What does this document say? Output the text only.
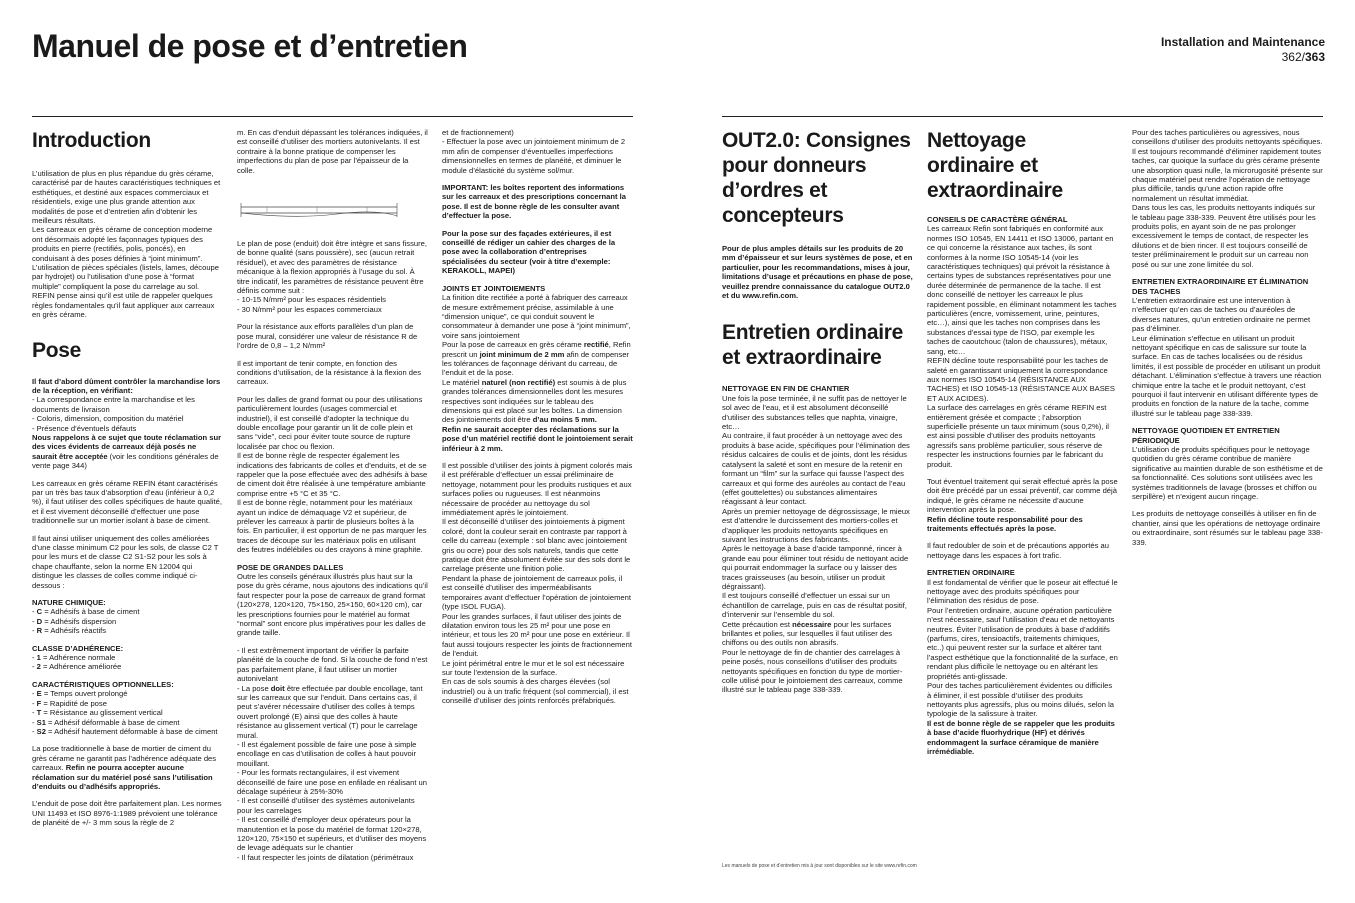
Manuel de pose et d’entretien	Installation and Maintenance
362/363
Introduction

L’utilisation de plus en plus répandue du grès cérame, caractérisé par de hautes caractéristiques techniques et esthétiques, et destiné aux espaces commerciaux et résidentiels, exige une plus grande attention aux modalités de pose et d’entretien afin d’obtenir les meilleurs résultats.
Les carreaux en grès cérame de conception moderne ont désormais adopté les façonnages typiques des produits en pierre (rectifiés, polis, poncés), en conduisant à des poses définies à “joint minimum”. L’utilisation de pièces spéciales (listels, lames, découpe par hydrojet) ou l’utilisation d’une pose à “format multiple” compliquent la pose du carrelage au sol. REFIN pense ainsi qu’il est utile de rappeler quelques règles fondamentales qu’il faut appliquer aux carreaux en grès cérame.

Pose

Il faut d’abord dûment contrôler la marchandise lors de la réception, en vérifiant:
- La correspondance entre la marchandise et les documents de livraison
- Coloris, dimension, composition du matériel
- Présence d’éventuels défauts
Nous rappelons à ce sujet que toute réclamation sur des vices évidents de carreaux déjà posés ne saurait être acceptée (voir les conditions générales de vente page 344)

Les carreaux en grès cérame REFIN étant caractérisés par un très bas taux d’absorption d’eau (inférieur à 0,2 %), il faut utiliser des colles spécifiques de haute qualité, et il est vivement déconseillé d’effectuer une pose traditionnelle sur un mortier isolant à base de ciment.

Il faut ainsi utiliser uniquement des colles améliorées d’une classe minimum C2 pour les sols, de classe C2 T pour les murs et de classe C2 S1-S2 pour les sols à chape chauffante, selon la norme EN 12004 qui distingue les classes de colles comme indiqué ci-dessous :

NATURE CHIMIQUE:
- C = Adhésifs à base de ciment
- D = Adhésifs dispersion
- R = Adhésifs réactifs
CLASSE D’ADHÉRENCE:
- 1 = Adhérence normale
- 2 = Adhérence améliorée
CARACTÉRISTIQUES OPTIONNELLES:
- E = Temps ouvert prolongé
- F = Rapidité de pose
- T = Résistance au glissement vertical
- S1 = Adhésif déformable à base de ciment
- S2 = Adhésif hautement déformable à base de ciment

La pose traditionnelle à base de mortier de ciment du grès cérame ne garantit pas l’adhérence adéquate des carreaux. Refin ne pourra accepter aucune réclamation sur du matériel posé sans l’utilisation d’enduits ou d’adhésifs appropriés.

L’enduit de pose doit être parfaitement plan. Les normes UNI 11493 et ISO 8976-1:1989 prévoient une tolérance de planéité de +/- 3 mm sous la règle de 2

m. En cas d’enduit dépassant les tolérances indiquées, il est conseillé d’utiliser des mortiers autonivelants. Il est contraire à la bonne pratique de compenser les imperfections du plan de pose par l’épaisseur de la colle.

Le plan de pose (enduit) doit être intègre et sans fissure, de bonne qualité (sans poussière), sec (aucun retrait résiduel), et avec des paramètres de résistance mécanique à la flexion appropriés à l’usage du sol. À titre indicatif, les paramètres de résistance peuvent être définis comme suit :
- 10-15 N/mm² pour les espaces résidentiels
- 30 N/mm² pour les espaces commerciaux

Pour la résistance aux efforts parallèles d’un plan de pose mural, considérer une valeur de résistance R de l’ordre de 0,8 – 1,2 N/mm²

Il est important de tenir compte, en fonction des conditions d’utilisation, de la résistance à la flexion des carreaux.

Pour les dalles de grand format ou pour des utilisations particulièrement lourdes (usages commercial et industriel), il est conseillé d’adopter la technique du double encollage pour garantir un lit de colle plein et sans “vide”, ceci pour éviter toute source de rupture localisée par choc ou flexion.
Il est de bonne règle de respecter également les indications des fabricants de colles et d’enduits, et de se rappeler que la pose effectuée avec des adhésifs à base de ciment doit être réalisée à une température ambiante comprise entre +5 °C et 35 °C.
Il est de bonne règle, notamment pour les matériaux ayant un indice de démaquage V2 et supérieur, de prélever les carreaux à partir de plusieurs boîtes à la fois. En particulier, il est opportun de ne pas marquer les traces de découpe sur les matériaux polis en utilisant des feutres indélébiles ou des crayons à mine graphite.

POSE DE GRANDES DALLES

Outre les conseils généraux illustrés plus haut sur la pose du grès cérame, nous ajoutons des indications qu’il faut respecter pour la pose de carreaux de grand format (120×278, 120×120, 75×150, 25×150, 60×120 cm), car les prescriptions fournies pour le matériel au format “normal” sont encore plus impératives pour les dalles de grande taille.

- Il est extrêmement important de vérifier la parfaite planéité de la couche de fond. Si la couche de fond n’est pas parfaitement plane, il faut utiliser un mortier autonivelant
- La pose doit être effectuée par double encollage, tant sur les carreaux que sur l’enduit. Dans certains cas, il peut s’avérer nécessaire d’utiliser des colles à temps ouvert prolongé (E) ainsi que des colles à haute résistance au glissement vertical (T) pour le carrelage mural.
- Il est également possible de faire une pose à simple encollage en cas d’utilisation de colles à haut pouvoir mouillant.
- Pour les formats rectangulaires, il est vivement déconseillé de faire une pose en enfilade en réalisant un décalage supérieur à 25%-30%
- Il est conseillé d’utiliser des systèmes autonivelants pour les carrelages
- Il est conseillé d’employer deux opérateurs pour la manutention et la pose du matériel de format 120×278, 120×120, 75×150 et supérieurs, et d’utiliser des moyens de levage adéquats sur le chantier
- Il faut respecter les joints de dilatation (périmétraux

et de fractionnement)
- Effectuer la pose avec un jointoiement minimum de 2 mm afin de compenser d’éventuelles imperfections dimensionnelles en termes de planéité, et diminuer le module d’élasticité du système sol/mur.

IMPORTANT: les boîtes reportent des informations sur les carreaux et des prescriptions concernant la pose. Il est de bonne règle de les consulter avant d’effectuer la pose.

Pour la pose sur des façades extérieures, il est conseillé de rédiger un cahier des charges de la pose avec la collaboration d’entreprises spécialisées du secteur (voir à titre d’exemple: KERAKOLL, MAPEI)

JOINTS ET JOINTOIEMENTS

La finition dite rectifiée a porté à fabriquer des carreaux de mesure extrêmement précise, assimilable à une “dimension unique”, ce qui conduit souvent le consommateur à demander une pose à “joint minimum”, voire sans jointoiement
Pour la pose de carreaux en grès cérame rectifié, Refin prescrit un joint minimum de 2 mm afin de compenser les tolérances de façonnage dérivant du carreau, de l’enduit et de la pose.
Le matériel naturel (non rectifié) est soumis à de plus grandes tolérances dimensionnelles dont les mesures respectives sont indiquées sur le tableau des dimensions qui est placé sur les boîtes. La dimension des jointoiements doit être d’au moins 5 mm.
Refin ne saurait accepter des réclamations sur la pose d’un matériel rectifié dont le jointoiement serait inférieur à 2 mm.

Il est possible d’utiliser des joints à pigment colorés mais il est préférable d’effectuer un essai préliminaire de nettoyage, notamment pour les produits rustiques et aux surfaces polies ou rugueuses. Il est néanmoins nécessaire de procéder au nettoyage du sol immédiatement après le jointoiement.
Il est déconseillé d’utiliser des jointoiements à pigment coloré, dont la couleur serait en contraste par rapport à celle du carreau (exemple : sol blanc avec jointoiement gris ou ocre) pour des sols naturels, tandis que cette pratique doit être absolument évitée sur des sols dont le carrelage présente une finition polie.
Pendant la phase de jointoiement de carreaux polis, il est conseillé d’utiliser des imperméabilisants temporaires avant d’effectuer l’opération de jointoiement (type ISOL FUGA).
Pour les grandes surfaces, il faut utiliser des joints de dilatation environ tous les 25 m² pour une pose en intérieur, et tous les 20 m² pour une pose en extérieur. Il faut aussi toujours respecter les joints de fractionnement de l’enduit.
Le joint périmétral entre le mur et le sol est nécessaire sur toute l’extension de la surface.
En cas de sols soumis à des charges élevées (sol industriel) ou à un trafic fréquent (sol commercial), il est conseillé d’utiliser des joints renforcés préfabriqués.

OUT2.0: Consignes pour donneurs d’ordres et concepteurs

Pour de plus amples détails sur les produits de 20 mm d’épaisseur et sur leurs systèmes de pose, et en particulier, pour les recommandations, mises à jour, limitations d’usage et précautions en phase de pose, veuillez prendre connaissance du catalogue OUT2.0 et du www.refin.com.

Entretien ordinaire et extraordinaire
NETTOYAGE EN FIN DE CHANTIER

Une fois la pose terminée, il ne suffit pas de nettoyer le sol avec de l’eau, et il est absolument déconseillé d’utiliser des substances telles que naphta, vinaigre, etc…
Au contraire, il faut procéder à un nettoyage avec des produits à base acide, spécifiques pour l’élimination des résidus calcaires de coulis et de joints, dont les résidus catalysent la saleté et sont en mesure de la retenir en formant un “film” sur la surface qui fausse l’aspect des carreaux et qui forme des auréoles au contact de l’eau (effet gouttelettes) ou substances alimentaires réagissant à leur contact.
Après un premier nettoyage de dégrossissage, le mieux est d’attendre le durcissement des mortiers-colles et d’appliquer les produits nettoyants spécifiques en suivant les instructions des fabricants.
Après le nettoyage à base d’acide tamponné, rincer à grande eau pour éliminer tout résidu de nettoyant acide qui pourrait endommager la surface ou y laisser des traces graisseuses (au besoin, utiliser un produit dégraissant).
Il est toujours conseillé d’effectuer un essai sur un échantillon de carrelage, puis en cas de résultat positif, d’intervenir sur l’ensemble du sol.
Cette précaution est nécessaire pour les surfaces brillantes et polies, sur lesquelles il faut utiliser des chiffons ou des outils non abrasifs.
Pour le nettoyage de fin de chantier des carrelages à peine posés, nous conseillons d’utiliser des produits nettoyants spécifiques en fonction du type de mortier-colle utilisé pour le jointoiement des carreaux, comme illustré sur le tableau page 338-339.

Nettoyage ordinaire et extraordinaire
CONSEILS DE CARACTÈRE GÉNÉRAL

Les carreaux Refin sont fabriqués en conformité aux normes ISO 10545, EN 14411 et ISO 13006, partant en ce qui concerne la résistance aux taches, ils sont conformes à la norme ISO 10545-14 (voir les caractéristiques techniques) qui prévoit la résistance à certains types de substances représentatives pour une durée déterminée de permanence de la tache. Il est donc conseillé de nettoyer les carreaux le plus rapidement possible, en éliminant notamment les taches particulières (encre, vomissement, urine, peintures, etc…), ainsi que les taches non comprises dans les substances d’essai type de l’ISO, par exemple les taches de caoutchouc (talon de chaussures), métaux, sang, etc…
REFIN décline toute responsabilité pour les taches de saleté en garantissant uniquement la correspondance aux normes ISO 10545-14 (RÉSISTANCE AUX TACHES) et ISO 10545-13 (RÉSISTANCE AUX BASES ET AUX ACIDES).
La surface des carrelages en grès cérame REFIN est entièrement grésée et compacte ; l’absorption superficielle présente un taux minimum (sous 0,2%), il est ainsi possible d’utiliser des produits nettoyants agressifs sans problème particulier, sous réserve de respecter les instructions fournies par le fabricant du produit.

Tout éventuel traitement qui serait effectué après la pose doit être précédé par un essai préventif, car comme déjà indiqué, le grès cérame ne nécessite d’aucune intervention après la pose.
Refin décline toute responsabilité pour des traitements effectués après la pose.

Il faut redoubler de soin et de précautions apportés au nettoyage dans les espaces à fort trafic.

ENTRETIEN ORDINAIRE

Il est fondamental de vérifier que le poseur ait effectué le nettoyage avec des produits spécifiques pour l’élimination des résidus de pose.
Pour l’entretien ordinaire, aucune opération particulière n’est nécessaire, sauf l’utilisation d’eau et de nettoyants neutres. Éviter l’utilisation de produits à base d’additifs (parfums, cires, tensioactifs, traitements chimiques, etc..) qui peuvent rester sur la surface et altérer tant l’aspect esthétique que la fonctionnalité de la surface, en rendant plus difficile le nettoyage ou en altérant les propriétés anti-glissade.
Pour des taches particulièrement évidentes ou difficiles à éliminer, il est possible d’utiliser des produits nettoyants plus agressifs, plus ou moins dilués, selon la typologie de la salissure à traiter.
Il est de bonne règle de se rappeler que les produits à base d’acide fluorhydrique (HF) et dérivés endommagent la surface céramique de manière irrémédiable.

Pour des taches particulières ou agressives, nous conseillons d’utiliser des produits nettoyants spécifiques. Il est toujours recommandé d’éliminer rapidement toutes taches, car quoique la surface du grès cérame présente une absorption quasi nulle, la microrugosité présente sur chaque matériel peut rendre l’opération de nettoyage plus difficile, tandis qu’une action rapide offre normalement un résultat immédiat.
Dans tous les cas, les produits nettoyants indiqués sur le tableau page 338-339. Peuvent être utilisés pour les produits polis, en ayant soin de ne pas prolonger excessivement le temps de contact, de respecter les dilutions et de bien rincer. Il est toujours conseillé de tester préliminairement le produit sur un carreau non posé ou sur une zone limitée du sol.

ENTRETIEN EXTRAORDINAIRE ET ÉLIMINATION DES TACHES

L’entretien extraordinaire est une intervention à n’effectuer qu’en cas de taches ou d’auréoles de diverses natures, qu’un entretien ordinaire ne permet pas d’éliminer.
Leur élimination s’effectue en utilisant un produit nettoyant spécifique en cas de salissure sur toute la surface. En cas de taches localisées ou de résidus limités, il est possible de procéder en utilisant un produit détachant. L’élimination s’effectue à travers une réaction chimique entre la tache et le produit nettoyant, c’est pourquoi il faut intervenir en utilisant différente types de produits en fonction de la nature de la tache, comme illustré sur le tableau page 338-339.

NETTOYAGE QUOTIDIEN ET ENTRETIEN PÉRIODIQUE

L’utilisation de produits spécifiques pour le nettoyage quotidien du grès cérame contribue de manière significative au maintien durable de son esthétisme et de sa fonctionnalité. Ces solutions sont utilisées avec les systèmes traditionnels de lavage (brosses et chiffon ou serpillère) et n’exigent aucun rinçage.

Les produits de nettoyage conseillés à utiliser en fin de chantier, ainsi que les opérations de nettoyage ordinaire ou extraordinaire, sont résumés sur le tableau page 338-339.

Les manuels de pose et d’entretien mis à jour sont disponibles sur le site www.refin.com
